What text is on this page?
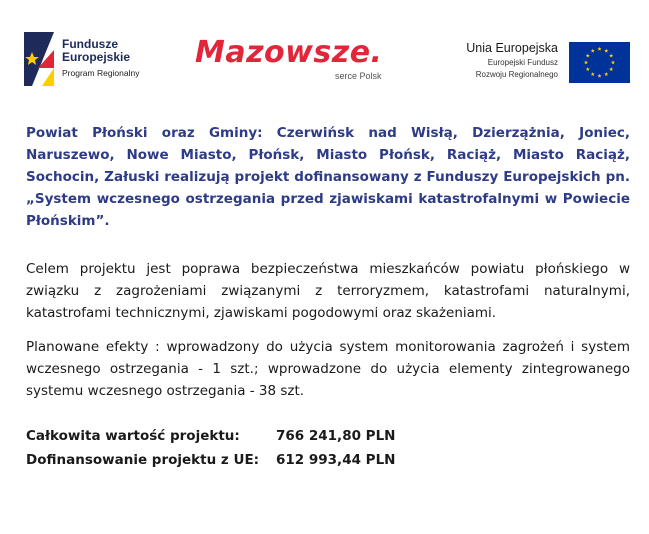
Fundusze
Europejskie
Program Regionalny
Mazowsze.
serce Polsk
Unia Europejska
Europejski Fundusz
Rozwoju Regionalnego

Powiat Płoński oraz Gminy: Czerwińsk nad Wisłą, Dzierzążnia, Joniec, Naruszewo, Nowe Miasto, Płońsk, Miasto Płońsk, Raciąż, Miasto Raciąż, Sochocin, Załuski realizują projekt dofinansowany z Funduszy Europejskich pn. „System wczesnego ostrzegania przed zjawiskami katastrofalnymi w Powiecie Płońskim”.

Celem projektu jest poprawa bezpieczeństwa mieszkańców powiatu płońskiego w związku z zagrożeniami związanymi z terroryzmem, katastrofami naturalnymi, katastrofami technicznymi, zjawiskami pogodowymi oraz skażeniami.

Planowane efekty : wprowadzony do użycia system monitorowania zagrożeń i system wczesnego ostrzegania - 1 szt.; wprowadzone do użycia elementy zintegrowanego systemu wczesnego ostrzegania - 38 szt.

Całkowita wartość projektu:	766 241,80 PLN
Dofinansowanie projektu z UE:	612 993,44 PLN
